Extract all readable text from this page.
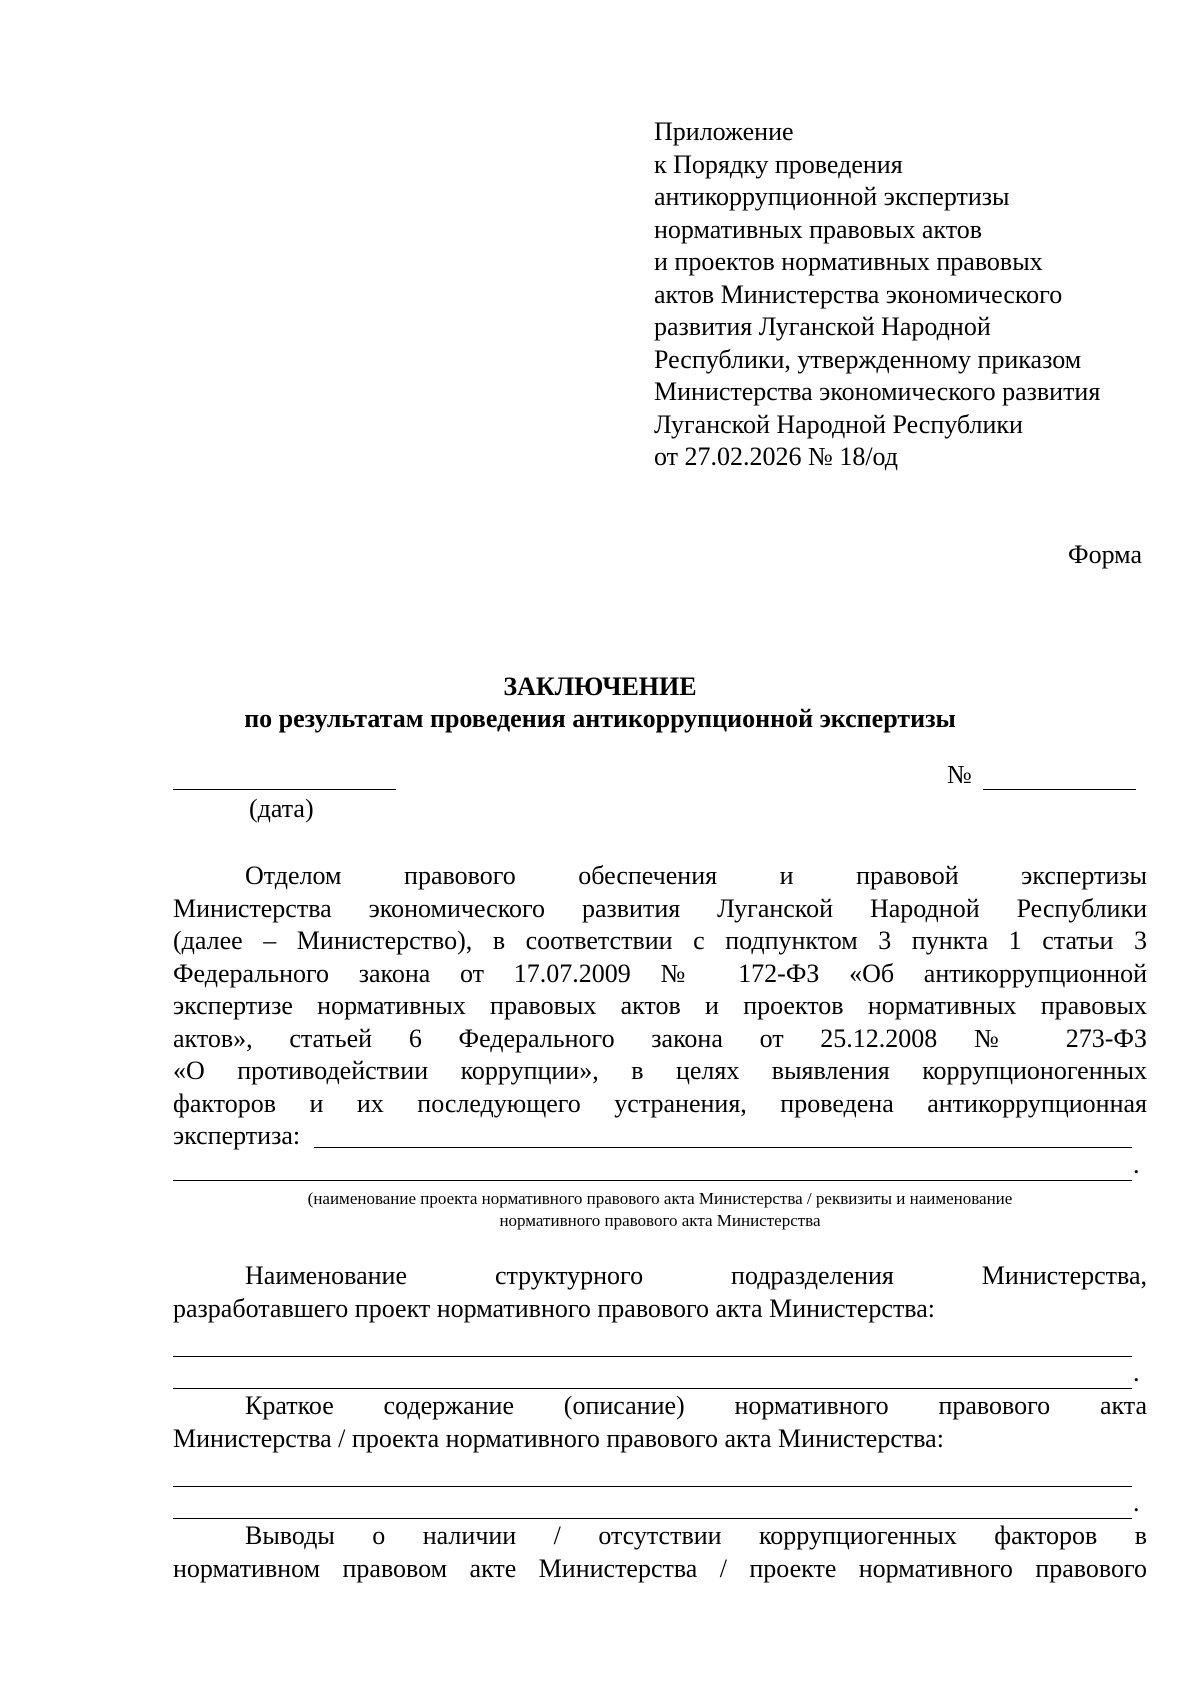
Приложение
к Порядку проведения
антикоррупционной экспертизы
нормативных правовых актов
и проектов нормативных правовых
актов Министерства экономического
развития Луганской Народной
Республики, утвержденному приказом
Министерства экономического развития
Луганской Народной Республики
от 27.02.2026 № 18/од
Форма
ЗАКЛЮЧЕНИЕ
по результатам проведения антикоррупционной экспертизы
(дата)
№
Отделом правового обеспечения и правовой экспертизы
Министерства экономического развития Луганской Народной Республики
(далее – Министерство), в соответствии с подпунктом 3 пункта 1 статьи 3
Федерального закона от 17.07.2009 № 172-ФЗ «Об антикоррупционной
экспертизе нормативных правовых актов и проектов нормативных правовых
актов», статьей 6 Федерального закона от 25.12.2008 № 273-ФЗ
«О противодействии коррупции», в целях выявления коррупционогенных
факторов и их последующего устранения, проведена антикоррупционная
экспертиза:
.
(наименование проекта нормативного правового акта Министерства / реквизиты и наименование
нормативного правового акта Министерства
Наименование структурного подразделения Министерства,
разработавшего проект нормативного правового акта Министерства:
.
Краткое содержание (описание) нормативного правового акта
Министерства / проекта нормативного правового акта Министерства:
.
Выводы о наличии / отсутствии коррупциогенных факторов в
нормативном правовом акте Министерства / проекте нормативного правового
